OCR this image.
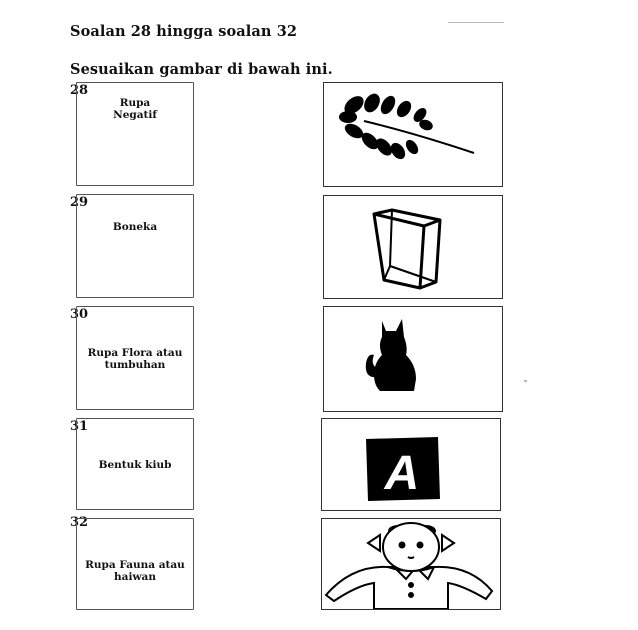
Soalan 28 hingga soalan 32
Sesuaikan gambar di bawah ini.
28
Rupa
Negatif
29
Boneka
30
Rupa Flora atau
tumbuhan
31
Bentuk kiub	A
32
Rupa Fauna atau
haiwan
